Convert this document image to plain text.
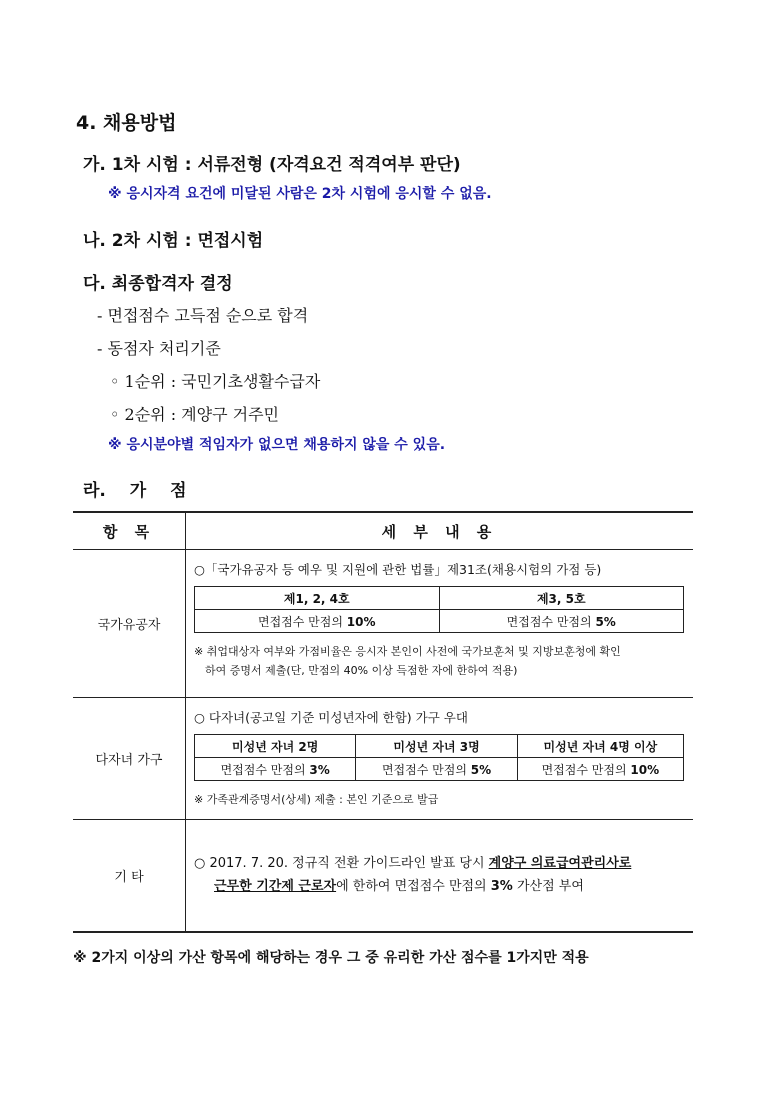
4. 채용방법
가. 1차 시험 : 서류전형 (자격요건 적격여부 판단)
※ 응시자격 요건에 미달된 사람은 2차 시험에 응시할 수 없음.
나. 2차 시험 : 면접시험
다. 최종합격자 결정
- 면접점수 고득점 순으로 합격
- 동점자 처리기준
◦ 1순위 : 국민기초생활수급자
◦ 2순위 : 계양구 거주민
※ 응시분야별 적임자가 없으면 채용하지 않을 수 있음.
라. 가 점
항 목	세 부 내 용
국가유공자	
○「국가유공자 등 예우 및 지원에 관한 법률」제31조(채용시험의 가점 등)
제1, 2, 4호	제3, 5호
면접점수 만점의 10%	면접점수 만점의 5%
※ 취업대상자 여부와 가점비율은 응시자 본인이 사전에 국가보훈처 및 지방보훈청에 확인
하여 증명서 제출(단, 만점의 40% 이상 득점한 자에 한하여 적용)

다자녀 가구	
○ 다자녀(공고일 기준 미성년자에 한함) 가구 우대
미성년 자녀 2명	미성년 자녀 3명	미성년 자녀 4명 이상
면접점수 만점의 3%	면접점수 만점의 5%	면접점수 만점의 10%
※ 가족관계증명서(상세) 제출 : 본인 기준으로 발급

기 타	
○ 2017. 7. 20. 정규직 전환 가이드라인 발표 당시 계양구 의료급여관리사로
근무한 기간제 근로자에 한하여 면접점수 만점의 3% 가산점 부여
※ 2가지 이상의 가산 항목에 해당하는 경우 그 중 유리한 가산 점수를 1가지만 적용
